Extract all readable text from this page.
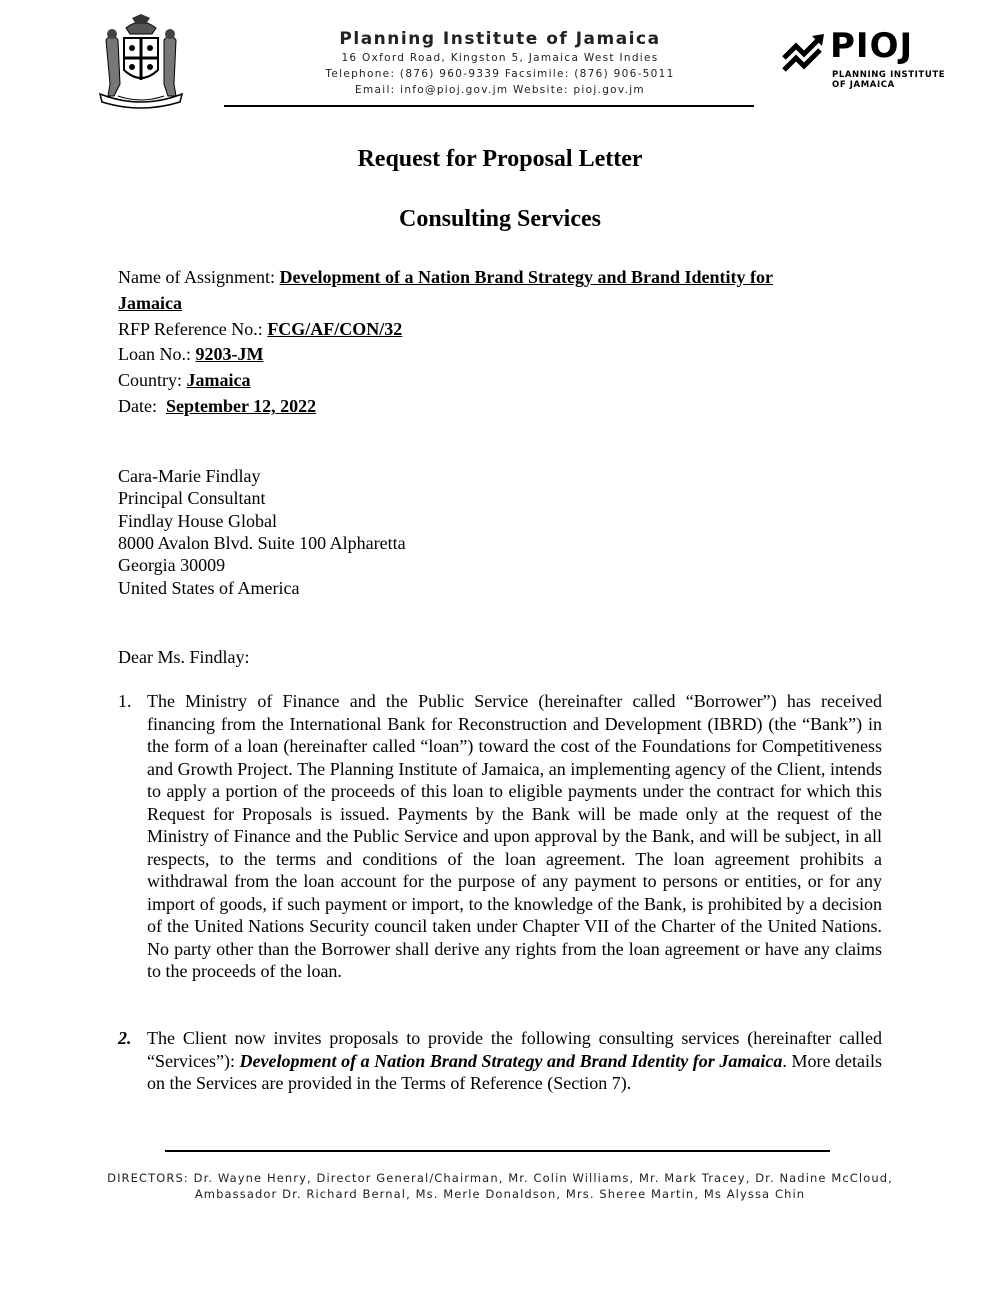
Planning Institute of Jamaica
16 Oxford Road, Kingston 5, Jamaica West Indies
Telephone: (876) 960-9339 Facsimile: (876) 906-5011
Email: info@pioj.gov.jm Website: pioj.gov.jm
PIOJ
PLANNING INSTITUTE
OF JAMAICA
Request for Proposal Letter
Consulting Services
Name of Assignment: Development of a Nation Brand Strategy and Brand Identity for
Jamaica
RFP Reference No.: FCG/AF/CON/32
Loan No.: 9203-JM
Country: Jamaica
Date:  September 12, 2022
Cara-Marie Findlay
Principal Consultant
Findlay House Global
8000 Avalon Blvd. Suite 100 Alpharetta
Georgia 30009
United States of America
Dear Ms. Findlay:
1. The Ministry of Finance and the Public Service (hereinafter called “Borrower”) has received financing from the International Bank for Reconstruction and Development (IBRD) (the “Bank”) in the form of a loan (hereinafter called “loan”) toward the cost of the Foundations for Competitiveness and Growth Project. The Planning Institute of Jamaica, an implementing agency of the Client, intends to apply a portion of the proceeds of this loan to eligible payments under the contract for which this Request for Proposals is issued. Payments by the Bank will be made only at the request of the Ministry of Finance and the Public Service and upon approval by the Bank, and will be subject, in all respects, to the terms and conditions of the loan agreement. The loan agreement prohibits a withdrawal from the loan account for the purpose of any payment to persons or entities, or for any import of goods, if such payment or import, to the knowledge of the Bank, is prohibited by a decision of the United Nations Security council taken under Chapter VII of the Charter of the United Nations. No party other than the Borrower shall derive any rights from the loan agreement or have any claims to the proceeds of the loan.
2. The Client now invites proposals to provide the following consulting services (hereinafter called “Services”): Development of a Nation Brand Strategy and Brand Identity for Jamaica. More details on the Services are provided in the Terms of Reference (Section 7).
DIRECTORS: Dr. Wayne Henry, Director General/Chairman, Mr. Colin Williams, Mr. Mark Tracey, Dr. Nadine McCloud,
Ambassador Dr. Richard Bernal, Ms. Merle Donaldson, Mrs. Sheree Martin, Ms Alyssa Chin
